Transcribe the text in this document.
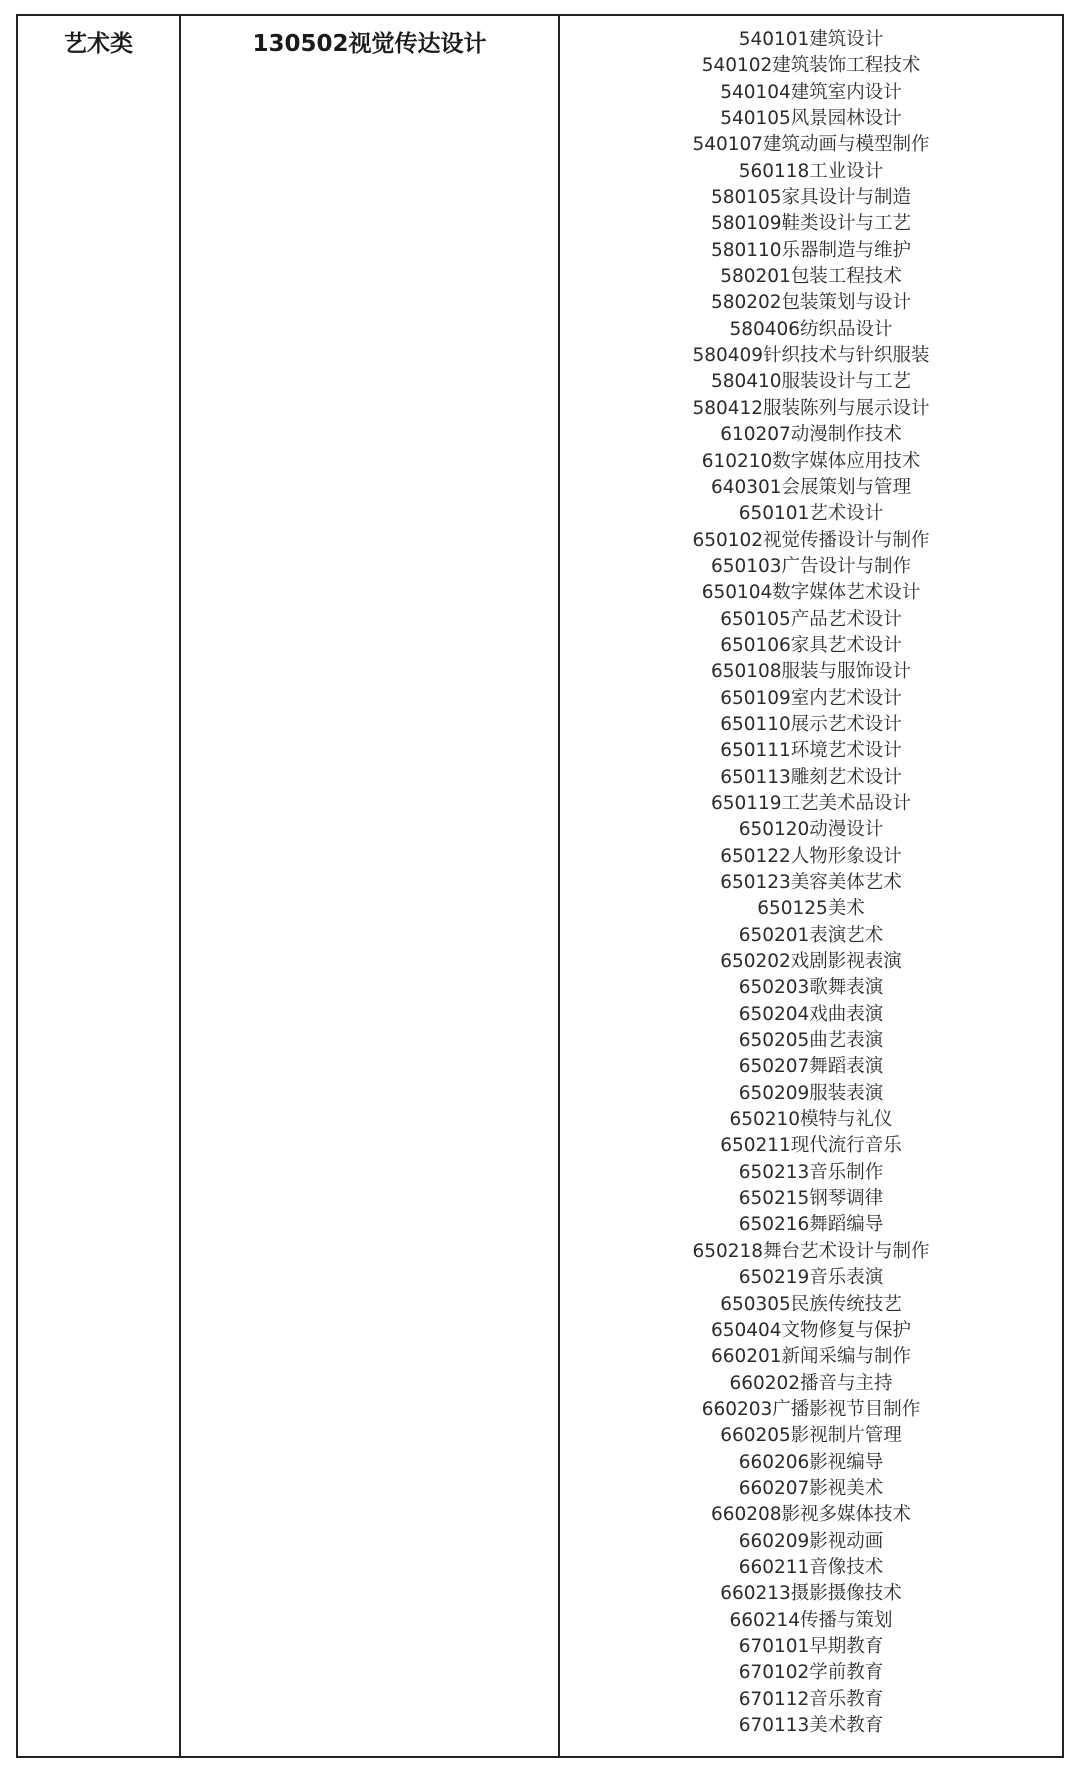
艺术类	130502视觉传达设计	540101建筑设计
540102建筑装饰工程技术
540104建筑室内设计
540105风景园林设计
540107建筑动画与模型制作
560118工业设计
580105家具设计与制造
580109鞋类设计与工艺
580110乐器制造与维护
580201包装工程技术
580202包装策划与设计
580406纺织品设计
580409针织技术与针织服装
580410服装设计与工艺
580412服装陈列与展示设计
610207动漫制作技术
610210数字媒体应用技术
640301会展策划与管理
650101艺术设计
650102视觉传播设计与制作
650103广告设计与制作
650104数字媒体艺术设计
650105产品艺术设计
650106家具艺术设计
650108服装与服饰设计
650109室内艺术设计
650110展示艺术设计
650111环境艺术设计
650113雕刻艺术设计
650119工艺美术品设计
650120动漫设计
650122人物形象设计
650123美容美体艺术
650125美术
650201表演艺术
650202戏剧影视表演
650203歌舞表演
650204戏曲表演
650205曲艺表演
650207舞蹈表演
650209服装表演
650210模特与礼仪
650211现代流行音乐
650213音乐制作
650215钢琴调律
650216舞蹈编导
650218舞台艺术设计与制作
650219音乐表演
650305民族传统技艺
650404文物修复与保护
660201新闻采编与制作
660202播音与主持
660203广播影视节目制作
660205影视制片管理
660206影视编导
660207影视美术
660208影视多媒体技术
660209影视动画
660211音像技术
660213摄影摄像技术
660214传播与策划
670101早期教育
670102学前教育
670112音乐教育
670113美术教育
